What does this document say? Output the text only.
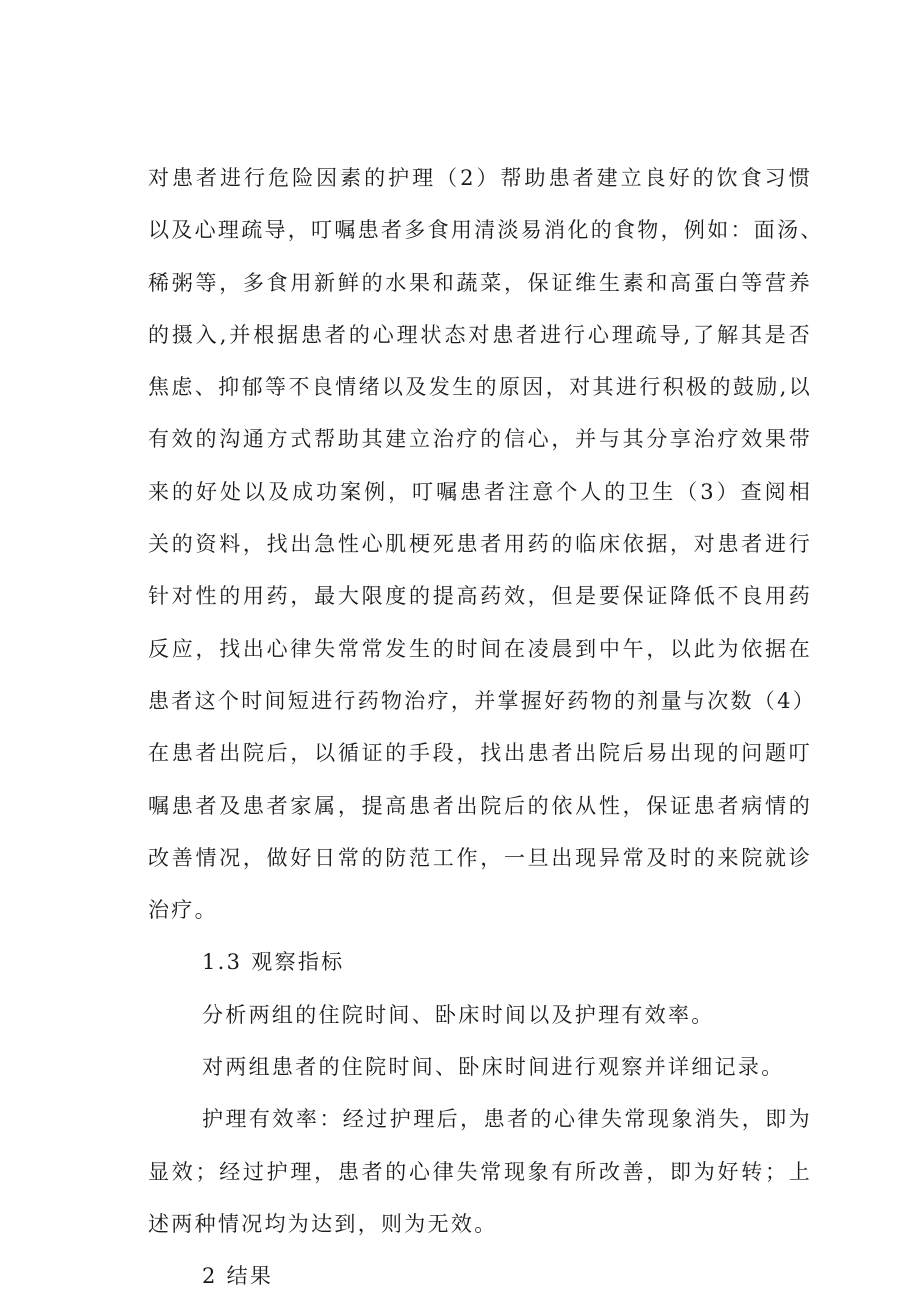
对患者进行危险因素的护理（2）帮助患者建立良好的饮食习惯
以及心理疏导，叮嘱患者多食用清淡易消化的食物，例如：面汤、
稀粥等，多食用新鲜的水果和蔬菜，保证维生素和高蛋白等营养
的摄入,并根据患者的心理状态对患者进行心理疏导,了解其是否
焦虑、抑郁等不良情绪以及发生的原因，对其进行积极的鼓励,以
有效的沟通方式帮助其建立治疗的信心，并与其分享治疗效果带
来的好处以及成功案例，叮嘱患者注意个人的卫生（3）查阅相
关的资料，找出急性心肌梗死患者用药的临床依据，对患者进行
针对性的用药，最大限度的提高药效，但是要保证降低不良用药
反应，找出心律失常常发生的时间在凌晨到中午，以此为依据在
患者这个时间短进行药物治疗，并掌握好药物的剂量与次数（4）
在患者出院后，以循证的手段，找出患者出院后易出现的问题叮
嘱患者及患者家属，提高患者出院后的依从性，保证患者病情的
改善情况，做好日常的防范工作，一旦出现异常及时的来院就诊
治疗。
1.3 观察指标
分析两组的住院时间、卧床时间以及护理有效率。
对两组患者的住院时间、卧床时间进行观察并详细记录。
护理有效率：经过护理后，患者的心律失常现象消失，即为
显效；经过护理，患者的心律失常现象有所改善，即为好转；上
述两种情况均为达到，则为无效。
2 结果
